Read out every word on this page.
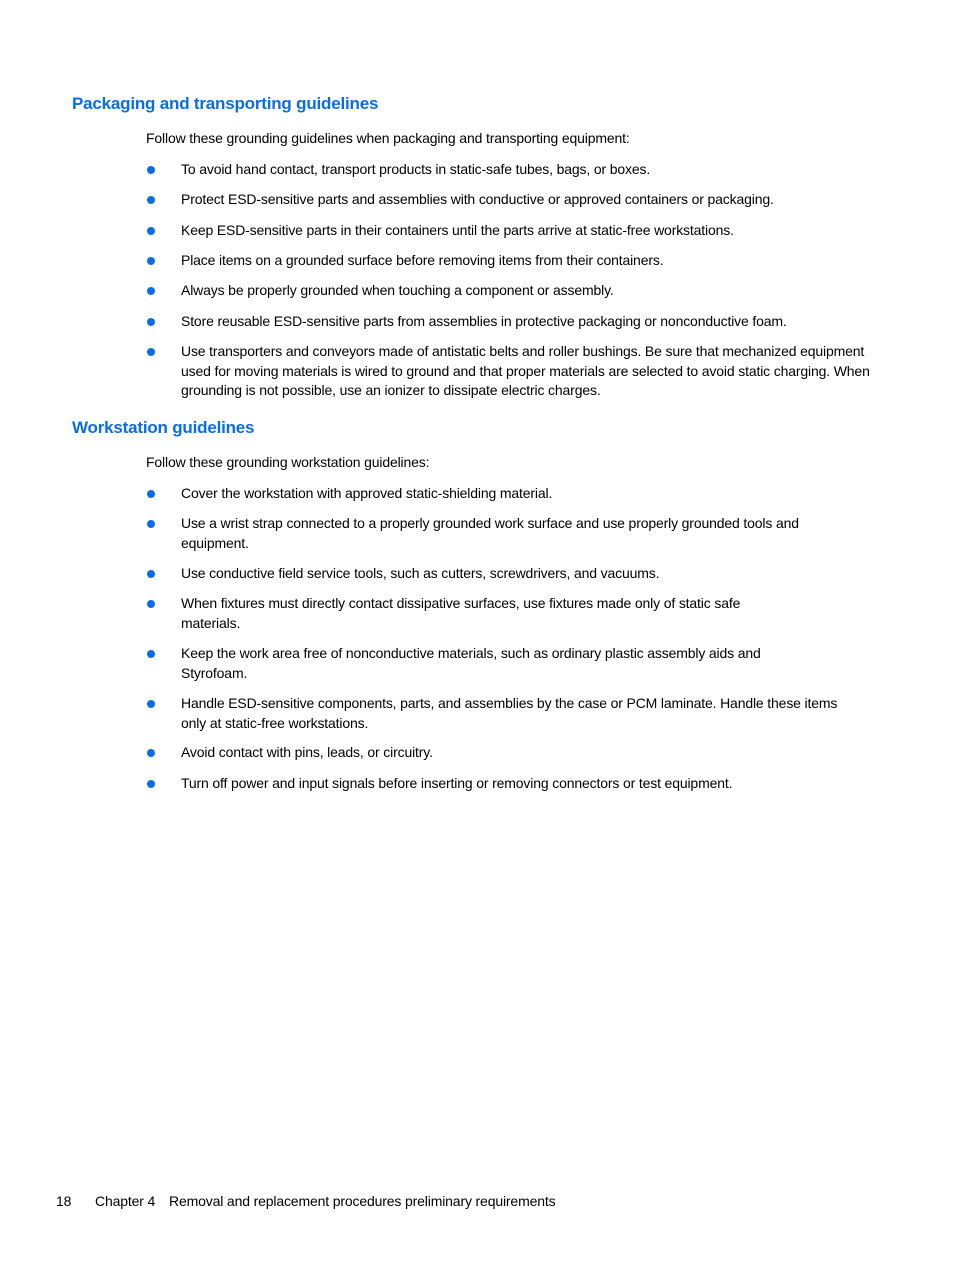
Packaging and transporting guidelines

Follow these grounding guidelines when packaging and transporting equipment:

To avoid hand contact, transport products in static-safe tubes, bags, or boxes.
Protect ESD-sensitive parts and assemblies with conductive or approved containers or packaging.
Keep ESD-sensitive parts in their containers until the parts arrive at static-free workstations.
Place items on a grounded surface before removing items from their containers.
Always be properly grounded when touching a component or assembly.
Store reusable ESD-sensitive parts from assemblies in protective packaging or nonconductive foam.
Use transporters and conveyors made of antistatic belts and roller bushings. Be sure that mechanized equipment used for moving materials is wired to ground and that proper materials are selected to avoid static charging. When grounding is not possible, use an ionizer to dissipate electric charges.
Workstation guidelines

Follow these grounding workstation guidelines:

Cover the workstation with approved static-shielding material.
Use a wrist strap connected to a properly grounded work surface and use properly grounded tools and equipment.
Use conductive field service tools, such as cutters, screwdrivers, and vacuums.
When fixtures must directly contact dissipative surfaces, use fixtures made only of static safe materials.
Keep the work area free of nonconductive materials, such as ordinary plastic assembly aids and Styrofoam.
Handle ESD-sensitive components, parts, and assemblies by the case or PCM laminate. Handle these items only at static-free workstations.
Avoid contact with pins, leads, or circuitry.
Turn off power and input signals before inserting or removing connectors or test equipment.
18 Chapter 4 Removal and replacement procedures preliminary requirements
